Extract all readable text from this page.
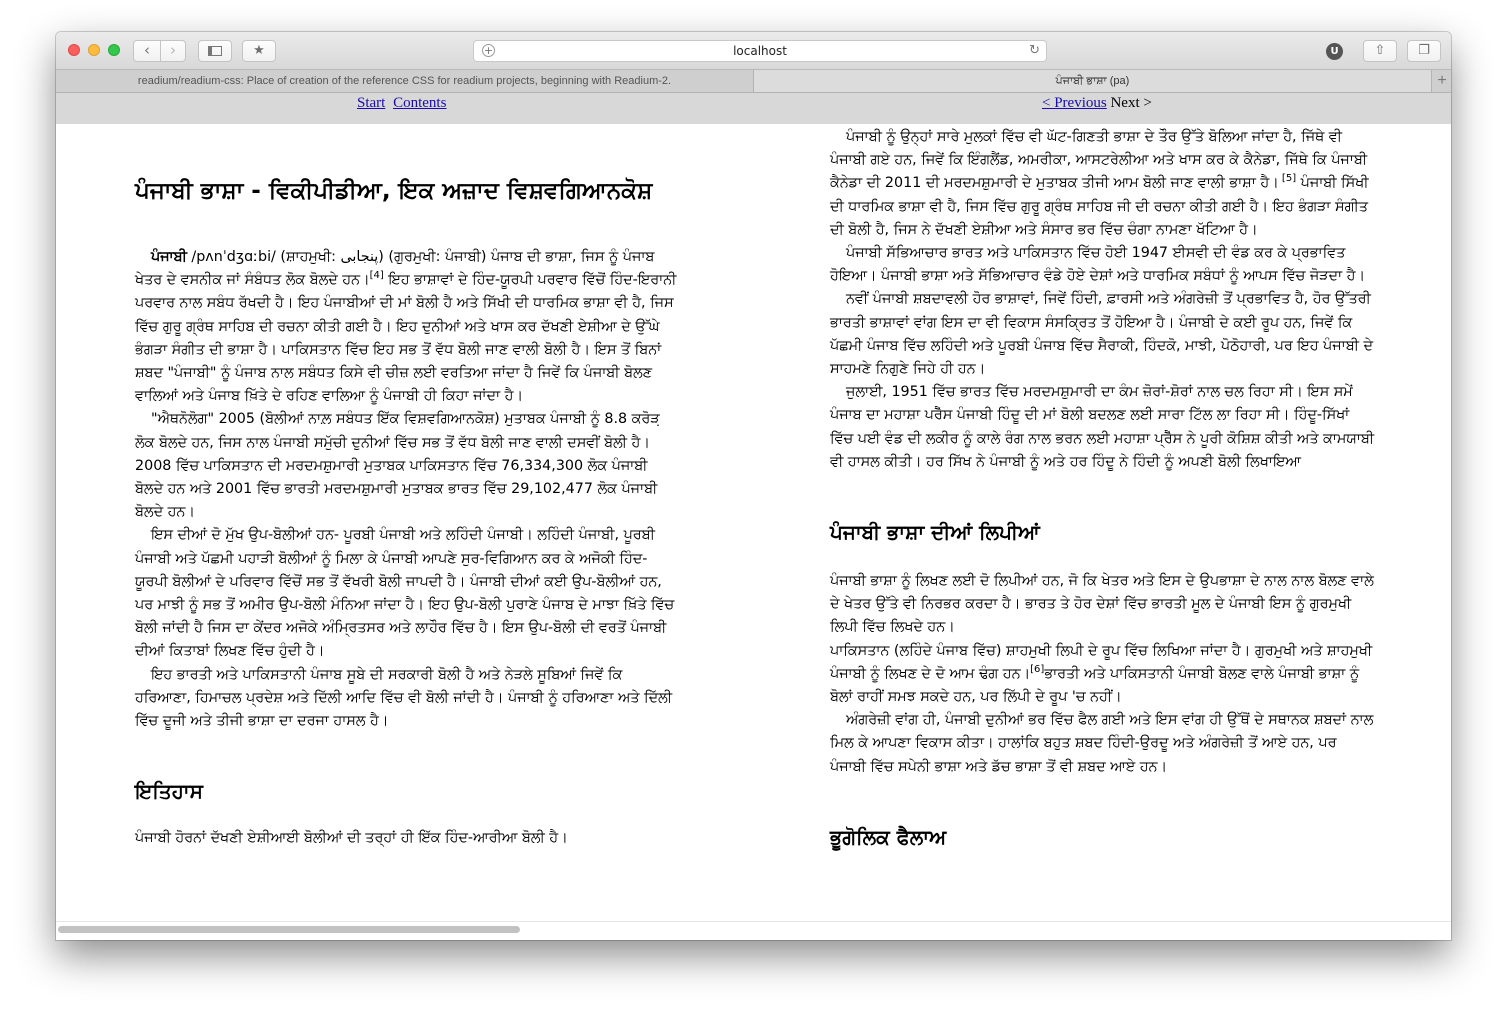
‹	›	★	+	localhost	↻	U	⇧	❐
readium/readium-css: Place of creation of the reference CSS for readium projects, beginning with Readium-2.	ਪੰਜਾਬੀ ਭਾਸ਼ਾ (pa)	+
Start Contents	< Previous Next >
ਪੰਜਾਬੀ ਭਾਸ਼ਾ - ਵਿਕੀਪੀਡੀਆ, ਇਕ ਅਜ਼ਾਦ ਵਿਸ਼ਵਗਿਆਨਕੋਸ਼

ਪੰਜਾਬੀ /pʌnˈdʒɑːbi/ (ਸ਼ਾਹਮੁਖੀ: پنجابی) (ਗੁਰਮੁਖੀ: ਪੰਜਾਬੀ) ਪੰਜਾਬ ਦੀ ਭਾਸ਼ਾ, ਜਿਸ ਨੂੰ ਪੰਜਾਬ ਖੇਤਰ ਦੇ ਵਸਨੀਕ ਜਾਂ ਸੰਬੰਧਤ ਲੋਕ ਬੋਲਦੇ ਹਨ।[4] ਇਹ ਭਾਸ਼ਾਵਾਂ ਦੇ ਹਿੰਦ-ਯੂਰਪੀ ਪਰਵਾਰ ਵਿੱਚੋਂ ਹਿੰਦ-ਇਰਾਨੀ ਪਰਵਾਰ ਨਾਲ ਸਬੰਧ ਰੱਖਦੀ ਹੈ। ਇਹ ਪੰਜਾਬੀਆਂ ਦੀ ਮਾਂ ਬੋਲੀ ਹੈ ਅਤੇ ਸਿੱਖੀ ਦੀ ਧਾਰਮਿਕ ਭਾਸ਼ਾ ਵੀ ਹੈ, ਜਿਸ ਵਿੱਚ ਗੁਰੂ ਗ੍ਰੰਥ ਸਾਹਿਬ ਦੀ ਰਚਨਾ ਕੀਤੀ ਗਈ ਹੈ। ਇਹ ਦੁਨੀਆਂ ਅਤੇ ਖਾਸ ਕਰ ਦੱਖਣੀ ਏਸ਼ੀਆ ਦੇ ਉੱਘੇ ਭੰਗੜਾ ਸੰਗੀਤ ਦੀ ਭਾਸ਼ਾ ਹੈ। ਪਾਕਿਸਤਾਨ ਵਿੱਚ ਇਹ ਸਭ ਤੋਂ ਵੱਧ ਬੋਲੀ ਜਾਣ ਵਾਲੀ ਬੋਲੀ ਹੈ। ਇਸ ਤੋਂ ਬਿਨਾਂ ਸ਼ਬਦ "ਪੰਜਾਬੀ" ਨੂੰ ਪੰਜਾਬ ਨਾਲ ਸਬੰਧਤ ਕਿਸੇ ਵੀ ਚੀਜ਼ ਲਈ ਵਰਤਿਆ ਜਾਂਦਾ ਹੈ ਜਿਵੇਂ ਕਿ ਪੰਜਾਬੀ ਬੋਲਣ ਵਾਲਿਆਂ ਅਤੇ ਪੰਜਾਬ ਖ਼ਿੱਤੇ ਦੇ ਰਹਿਣ ਵਾਲਿਆ ਨੂੰ ਪੰਜਾਬੀ ਹੀ ਕਿਹਾ ਜਾਂਦਾ ਹੈ।

"ਐਥਨੋਲੋਗ" 2005 (ਬੋਲੀਆਂ ਨਾਲ਼ ਸਬੰਧਤ ਇੱਕ ਵਿਸ਼ਵਗਿਆਨਕੋਸ਼) ਮੁਤਾਬਕ ਪੰਜਾਬੀ ਨੂੰ 8.8 ਕਰੋੜ਼ ਲੋਕ ਬੋਲਦੇ ਹਨ, ਜਿਸ ਨਾਲ ਪੰਜਾਬੀ ਸਮੁੱਚੀ ਦੁਨੀਆਂ ਵਿੱਚ ਸਭ ਤੋਂ ਵੱਧ ਬੋਲੀ ਜਾਣ ਵਾਲੀ ਦਸਵੀਂ ਬੋਲੀ ਹੈ। 2008 ਵਿੱਚ ਪਾਕਿਸਤਾਨ ਦੀ ਮਰਦਮਸ਼ੁਮਾਰੀ ਮੁਤਾਬਕ ਪਾਕਿਸਤਾਨ ਵਿੱਚ 76,334,300 ਲੋਕ ਪੰਜਾਬੀ ਬੋਲਦੇ ਹਨ ਅਤੇ 2001 ਵਿੱਚ ਭਾਰਤੀ ਮਰਦਮਸ਼ੁਮਾਰੀ ਮੁਤਾਬਕ ਭਾਰਤ ਵਿੱਚ 29,102,477 ਲੋਕ ਪੰਜਾਬੀ ਬੋਲਦੇ ਹਨ।

ਇਸ ਦੀਆਂ ਦੋ ਮੁੱਖ ਉਪ-ਬੋਲੀਆਂ ਹਨ- ਪੂਰਬੀ ਪੰਜਾਬੀ ਅਤੇ ਲਹਿੰਦੀ ਪੰਜਾਬੀ। ਲਹਿੰਦੀ ਪੰਜਾਬੀ, ਪੂਰਬੀ ਪੰਜਾਬੀ ਅਤੇ ਪੱਛਮੀ ਪਹਾੜੀ ਬੋਲੀਆਂ ਨੂੰ ਮਿਲਾ ਕੇ ਪੰਜਾਬੀ ਆਪਣੇ ਸੁਰ-ਵਿਗਿਆਨ ਕਰ ਕੇ ਅਜੋਕੀ ਹਿੰਦ-ਯੂਰਪੀ ਬੋਲੀਆਂ ਦੇ ਪਰਿਵਾਰ ਵਿੱਚੋਂ ਸਭ ਤੋਂ ਵੱਖਰੀ ਬੋਲੀ ਜਾਪਦੀ ਹੈ। ਪੰਜਾਬੀ ਦੀਆਂ ਕਈ ਉਪ-ਬੋਲੀਆਂ ਹਨ, ਪਰ ਮਾਝੀ ਨੂੰ ਸਭ ਤੋਂ ਅਮੀਰ ਉਪ-ਬੋਲੀ ਮੰਨਿਆ ਜਾਂਦਾ ਹੈ। ਇਹ ਉਪ-ਬੋਲੀ ਪੁਰਾਣੇ ਪੰਜਾਬ ਦੇ ਮਾਝਾ ਖ਼ਿੱਤੇ ਵਿੱਚ ਬੋਲੀ ਜਾਂਦੀ ਹੈ ਜਿਸ ਦਾ ਕੇਂਦਰ ਅਜੋਕੇ ਅੰਮ੍ਰਿਤਸਰ ਅਤੇ ਲਾਹੌਰ ਵਿੱਚ ਹੈ। ਇਸ ਉਪ-ਬੋਲੀ ਦੀ ਵਰਤੋਂ ਪੰਜਾਬੀ ਦੀਆਂ ਕਿਤਾਬਾਂ ਲਿਖਣ ਵਿੱਚ ਹੁੰਦੀ ਹੈ।

ਇਹ ਭਾਰਤੀ ਅਤੇ ਪਾਕਿਸਤਾਨੀ ਪੰਜਾਬ ਸੂਬੇ ਦੀ ਸਰਕਾਰੀ ਬੋਲੀ ਹੈ ਅਤੇ ਨੇੜਲੇ ਸੂਬਿਆਂ ਜਿਵੇਂ ਕਿ ਹਰਿਆਣਾ, ਹਿਮਾਚਲ ਪ੍ਰਦੇਸ਼ ਅਤੇ ਦਿੱਲੀ ਆਦਿ ਵਿੱਚ ਵੀ ਬੋਲੀ ਜਾਂਦੀ ਹੈ। ਪੰਜਾਬੀ ਨੂੰ ਹਰਿਆਣਾ ਅਤੇ ਦਿੱਲੀ ਵਿੱਚ ਦੂਜੀ ਅਤੇ ਤੀਜੀ ਭਾਸ਼ਾ ਦਾ ਦਰਜਾ ਹਾਸਲ ਹੈ।

ਇਤਿਹਾਸ

ਪੰਜਾਬੀ ਹੋਰਨਾਂ ਦੱਖਣੀ ਏਸ਼ੀਆਈ ਬੋਲੀਆਂ ਦੀ ਤਰ੍ਹਾਂ ਹੀ ਇੱਕ ਹਿੰਦ-ਆਰੀਆ ਬੋਲੀ ਹੈ।

ਪੰਜਾਬੀ ਨੂੰ ਉਨ੍ਹਾਂ ਸਾਰੇ ਮੁਲਕਾਂ ਵਿੱਚ ਵੀ ਘੱਟ-ਗਿਣਤੀ ਭਾਸ਼ਾ ਦੇ ਤੌਰ ਉੱਤੇ ਬੋਲਿਆ ਜਾਂਦਾ ਹੈ, ਜਿੱਥੇ ਵੀ ਪੰਜਾਬੀ ਗਏ ਹਨ, ਜਿਵੇਂ ਕਿ ਇੰਗਲੈਂਡ, ਅਮਰੀਕਾ, ਆਸਟਰੇਲੀਆ ਅਤੇ ਖਾਸ ਕਰ ਕੇ ਕੈਨੇਡਾ, ਜਿੱਥੇ ਕਿ ਪੰਜਾਬੀ ਕੈਨੇਡਾ ਦੀ 2011 ਦੀ ਮਰਦਮਸ਼ੁਮਾਰੀ ਦੇ ਮੁਤਾਬਕ ਤੀਜੀ ਆਮ ਬੋਲੀ ਜਾਣ ਵਾਲੀ ਭਾਸ਼ਾ ਹੈ। [5] ਪੰਜਾਬੀ ਸਿੱਖੀ ਦੀ ਧਾਰਮਿਕ ਭਾਸ਼ਾ ਵੀ ਹੈ, ਜਿਸ ਵਿੱਚ ਗੁਰੂ ਗ੍ਰੰਥ ਸਾਹਿਬ ਜੀ ਦੀ ਰਚਨਾ ਕੀਤੀ ਗਈ ਹੈ। ਇਹ ਭੰਗੜਾ ਸੰਗੀਤ ਦੀ ਬੋਲੀ ਹੈ, ਜਿਸ ਨੇ ਦੱਖਣੀ ਏਸ਼ੀਆ ਅਤੇ ਸੰਸਾਰ ਭਰ ਵਿੱਚ ਚੰਗਾ ਨਾਮਣਾ ਖੱਟਿਆ ਹੈ।

ਪੰਜਾਬੀ ਸੱਭਿਆਚਾਰ ਭਾਰਤ ਅਤੇ ਪਾਕਿਸਤਾਨ ਵਿੱਚ ਹੋਈ 1947 ਈਸਵੀ ਦੀ ਵੰਡ ਕਰ ਕੇ ਪ੍ਰਭਾਵਿਤ ਹੋਇਆ। ਪੰਜਾਬੀ ਭਾਸ਼ਾ ਅਤੇ ਸੱਭਿਆਚਾਰ ਵੰਡੇ ਹੋਏ ਦੇਸ਼ਾਂ ਅਤੇ ਧਾਰਮਿਕ ਸਬੰਧਾਂ ਨੂੰ ਆਪਸ ਵਿੱਚ ਜੋੜਦਾ ਹੈ।

ਨਵੀਂ ਪੰਜਾਬੀ ਸ਼ਬਦਾਵਲੀ ਹੋਰ ਭਾਸ਼ਾਵਾਂ, ਜਿਵੇਂ ਹਿੰਦੀ, ਫ਼ਾਰਸੀ ਅਤੇ ਅੰਗਰੇਜ਼ੀ ਤੋਂ ਪ੍ਰਭਾਵਿਤ ਹੈ, ਹੋਰ ਉੱਤਰੀ ਭਾਰਤੀ ਭਾਸ਼ਾਵਾਂ ਵਾਂਗ ਇਸ ਦਾ ਵੀ ਵਿਕਾਸ ਸੰਸਕ੍ਰਿਤ ਤੋਂ ਹੋਇਆ ਹੈ। ਪੰਜਾਬੀ ਦੇ ਕਈ ਰੂਪ ਹਨ, ਜਿਵੇਂ ਕਿ ਪੱਛਮੀ ਪੰਜਾਬ ਵਿੱਚ ਲਹਿੰਦੀ ਅਤੇ ਪੂਰਬੀ ਪੰਜਾਬ ਵਿੱਚ ਸੈਰਾਕੀ, ਹਿੰਦਕੋ, ਮਾਝੀ, ਪੋਠੋਹਾਰੀ, ਪਰ ਇਹ ਪੰਜਾਬੀ ਦੇ ਸਾਹਮਣੇ ਨਿਗੁਣੇ ਜਿਹੇ ਹੀ ਹਨ।

ਜੁਲਾਈ, 1951 ਵਿੱਚ ਭਾਰਤ ਵਿੱਚ ਮਰਦਮਸ਼ੁਮਾਰੀ ਦਾ ਕੰਮ ਜ਼ੋਰਾਂ-ਸ਼ੋਰਾਂ ਨਾਲ ਚਲ ਰਿਹਾ ਸੀ। ਇਸ ਸਮੇਂ ਪੰਜਾਬ ਦਾ ਮਹਾਸ਼ਾ ਪਰੈੱਸ ਪੰਜਾਬੀ ਹਿੰਦੂ ਦੀ ਮਾਂ ਬੋਲੀ ਬਦਲਣ ਲਈ ਸਾਰਾ ਟਿੱਲ ਲਾ ਰਿਹਾ ਸੀ। ਹਿੰਦੂ-ਸਿੱਖਾਂ ਵਿੱਚ ਪਈ ਵੰਡ ਦੀ ਲਕੀਰ ਨੂੰ ਕਾਲੇ ਰੰਗ ਨਾਲ ਭਰਨ ਲਈ ਮਹਾਸ਼ਾ ਪ੍ਰੈੱਸ ਨੇ ਪੂਰੀ ਕੋਸ਼ਿਸ਼ ਕੀਤੀ ਅਤੇ ਕਾਮਯਾਬੀ ਵੀ ਹਾਸਲ ਕੀਤੀ। ਹਰ ਸਿੱਖ ਨੇ ਪੰਜਾਬੀ ਨੂੰ ਅਤੇ ਹਰ ਹਿੰਦੂ ਨੇ ਹਿੰਦੀ ਨੂੰ ਅਪਣੀ ਬੋਲੀ ਲਿਖਾਇਆ

ਪੰਜਾਬੀ ਭਾਸ਼ਾ ਦੀਆਂ ਲਿਪੀਆਂ

ਪੰਜਾਬੀ ਭਾਸ਼ਾ ਨੂੰ ਲਿਖਣ ਲਈ ਦੋ ਲਿਪੀਆਂ ਹਨ, ਜੋ ਕਿ ਖੇਤਰ ਅਤੇ ਇਸ ਦੇ ਉਪਭਾਸ਼ਾ ਦੇ ਨਾਲ ਨਾਲ ਬੋਲਣ ਵਾਲੇ ਦੇ ਖੇਤਰ ਉੱਤੇ ਵੀ ਨਿਰਭਰ ਕਰਦਾ ਹੈ। ਭਾਰਤ ਤੇ ਹੋਰ ਦੇਸ਼ਾਂ ਵਿੱਚ ਭਾਰਤੀ ਮੂਲ ਦੇ ਪੰਜਾਬੀ ਇਸ ਨੂੰ ਗੁਰਮੁਖੀ ਲਿਪੀ ਵਿੱਚ ਲਿਖਦੇ ਹਨ।

ਪਾਕਿਸਤਾਨ (ਲਹਿੰਦੇ ਪੰਜਾਬ ਵਿੱਚ) ਸ਼ਾਹਮੁਖੀ ਲਿਪੀ ਦੇ ਰੂਪ ਵਿੱਚ ਲਿਖਿਆ ਜਾਂਦਾ ਹੈ। ਗੁਰਮੁਖੀ ਅਤੇ ਸ਼ਾਹਮੁਖੀ ਪੰਜਾਬੀ ਨੂੰ ਲਿਖਣ ਦੇ ਦੋ ਆਮ ਢੰਗ ਹਨ।[6]ਭਾਰਤੀ ਅਤੇ ਪਾਕਿਸਤਾਨੀ ਪੰਜਾਬੀ ਬੋਲਣ ਵਾਲੇ ਪੰਜਾਬੀ ਭਾਸ਼ਾ ਨੂੰ ਬੋਲਾਂ ਰਾਹੀਂ ਸਮਝ ਸਕਦੇ ਹਨ, ਪਰ ਲਿੱਪੀ ਦੇ ਰੂਪ 'ਚ ਨਹੀਂ।

ਅੰਗਰੇਜ਼ੀ ਵਾਂਗ ਹੀ, ਪੰਜਾਬੀ ਦੁਨੀਆਂ ਭਰ ਵਿੱਚ ਫੈਲ ਗਈ ਅਤੇ ਇਸ ਵਾਂਗ ਹੀ ਉੱਥੋਂ ਦੇ ਸਥਾਨਕ ਸ਼ਬਦਾਂ ਨਾਲ ਮਿਲ ਕੇ ਆਪਣਾ ਵਿਕਾਸ ਕੀਤਾ। ਹਾਲਾਂਕਿ ਬਹੁਤ ਸ਼ਬਦ ਹਿੰਦੀ-ਉਰਦੂ ਅਤੇ ਅੰਗਰੇਜ਼ੀ ਤੋਂ ਆਏ ਹਨ, ਪਰ ਪੰਜਾਬੀ ਵਿੱਚ ਸਪੇਨੀ ਭਾਸ਼ਾ ਅਤੇ ਡੱਚ ਭਾਸ਼ਾ ਤੋਂ ਵੀ ਸ਼ਬਦ ਆਏ ਹਨ।

ਭੂਗੋਲਿਕ ਫੈਲਾਅ
